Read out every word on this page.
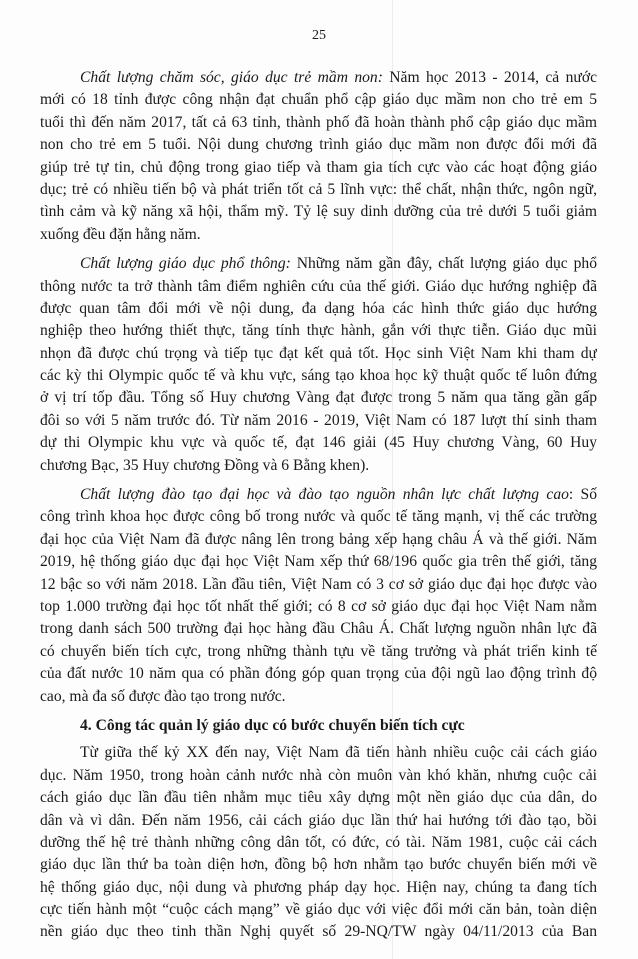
25
Chất lượng chăm sóc, giáo dục trẻ mầm non: Năm học 2013 - 2014, cả nước
mới có 18 tỉnh được công nhận đạt chuẩn phổ cập giáo dục mầm non cho trẻ em 5
tuổi thì đến năm 2017, tất cả 63 tỉnh, thành phố đã hoàn thành phổ cập giáo dục mầm
non cho trẻ em 5 tuổi. Nội dung chương trình giáo dục mầm non được đổi mới đã
giúp trẻ tự tin, chủ động trong giao tiếp và tham gia tích cực vào các hoạt động giáo
dục; trẻ có nhiều tiến bộ và phát triển tốt cả 5 lĩnh vực: thể chất, nhận thức, ngôn ngữ,
tình cảm và kỹ năng xã hội, thẩm mỹ. Tỷ lệ suy dinh dưỡng của trẻ dưới 5 tuổi giảm
xuống đều đặn hằng năm.
Chất lượng giáo dục phổ thông: Những năm gần đây, chất lượng giáo dục phổ
thông nước ta trở thành tâm điểm nghiên cứu của thế giới. Giáo dục hướng nghiệp đã
được quan tâm đổi mới về nội dung, đa dạng hóa các hình thức giáo dục hướng
nghiệp theo hướng thiết thực, tăng tính thực hành, gắn với thực tiễn. Giáo dục mũi
nhọn đã được chú trọng và tiếp tục đạt kết quả tốt. Học sinh Việt Nam khi tham dự
các kỳ thi Olympic quốc tế và khu vực, sáng tạo khoa học kỹ thuật quốc tế luôn đứng
ở vị trí tốp đầu. Tổng số Huy chương Vàng đạt được trong 5 năm qua tăng gần gấp
đôi so với 5 năm trước đó. Từ năm 2016 - 2019, Việt Nam có 187 lượt thí sinh tham
dự thi Olympic khu vực và quốc tế, đạt 146 giải (45 Huy chương Vàng, 60 Huy
chương Bạc, 35 Huy chương Đồng và 6 Bằng khen).
Chất lượng đào tạo đại học và đào tạo nguồn nhân lực chất lượng cao: Số
công trình khoa học được công bố trong nước và quốc tế tăng mạnh, vị thế các trường
đại học của Việt Nam đã được nâng lên trong bảng xếp hạng châu Á và thế giới. Năm
2019, hệ thống giáo dục đại học Việt Nam xếp thứ 68/196 quốc gia trên thế giới, tăng
12 bậc so với năm 2018. Lần đầu tiên, Việt Nam có 3 cơ sở giáo dục đại học được vào
top 1.000 trường đại học tốt nhất thế giới; có 8 cơ sở giáo dục đại học Việt Nam nằm
trong danh sách 500 trường đại học hàng đầu Châu Á. Chất lượng nguồn nhân lực đã
có chuyển biến tích cực, trong những thành tựu về tăng trưởng và phát triển kinh tế
của đất nước 10 năm qua có phần đóng góp quan trọng của đội ngũ lao động trình độ
cao, mà đa số được đào tạo trong nước.
4. Công tác quản lý giáo dục có bước chuyển biến tích cực
Từ giữa thế kỷ XX đến nay, Việt Nam đã tiến hành nhiều cuộc cải cách giáo
dục. Năm 1950, trong hoàn cảnh nước nhà còn muôn vàn khó khăn, nhưng cuộc cải
cách giáo dục lần đầu tiên nhằm mục tiêu xây dựng một nền giáo dục của dân, do
dân và vì dân. Đến năm 1956, cải cách giáo dục lần thứ hai hướng tới đào tạo, bồi
dưỡng thế hệ trẻ thành những công dân tốt, có đức, có tài. Năm 1981, cuộc cải cách
giáo dục lần thứ ba toàn diện hơn, đồng bộ hơn nhằm tạo bước chuyển biến mới về
hệ thống giáo dục, nội dung và phương pháp dạy học. Hiện nay, chúng ta đang tích
cực tiến hành một “cuộc cách mạng” về giáo dục với việc đổi mới căn bản, toàn diện
nền giáo dục theo tinh thần Nghị quyết số 29-NQ/TW ngày 04/11/2013 của Ban
